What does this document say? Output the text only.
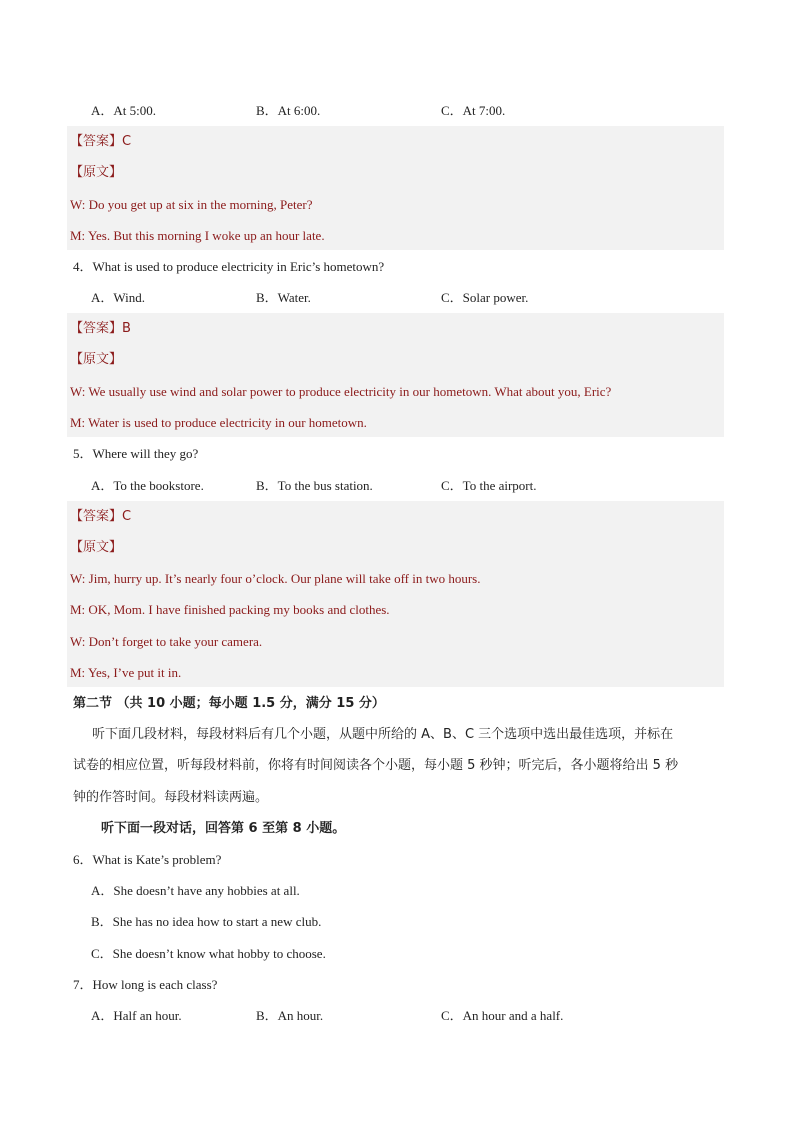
A．At 5:00.	B．At 6:00.	C．At 7:00.
【答案】C
【原文】
W: Do you get up at six in the morning, Peter?
M: Yes. But this morning I woke up an hour late.
4．What is used to produce electricity in Eric’s hometown?
A．Wind.	B．Water.	C．Solar power.
【答案】B
【原文】
W: We usually use wind and solar power to produce electricity in our hometown. What about you, Eric?
M: Water is used to produce electricity in our hometown.
5．Where will they go?
A．To the bookstore.	B．To the bus station.	C．To the airport.
【答案】C
【原文】
W: Jim, hurry up. It’s nearly four o’clock. Our plane will take off in two hours.
M: OK, Mom. I have finished packing my books and clothes.
W: Don’t forget to take your camera.
M: Yes, I’ve put it in.
第二节 （共 10 小题；每小题 1.5 分，满分 15 分）
听下面几段材料，每段材料后有几个小题，从题中所给的 A、B、C 三个选项中选出最佳选项，并标在
试卷的相应位置，听每段材料前，你将有时间阅读各个小题，每小题 5 秒钟；听完后，各小题将给出 5 秒
钟的作答时间。每段材料读两遍。
听下面一段对话，回答第 6 至第 8 小题。
6．What is Kate’s problem?
A．She doesn’t have any hobbies at all.
B．She has no idea how to start a new club.
C．She doesn’t know what hobby to choose.
7．How long is each class?
A．Half an hour.	B．An hour.	C．An hour and a half.
